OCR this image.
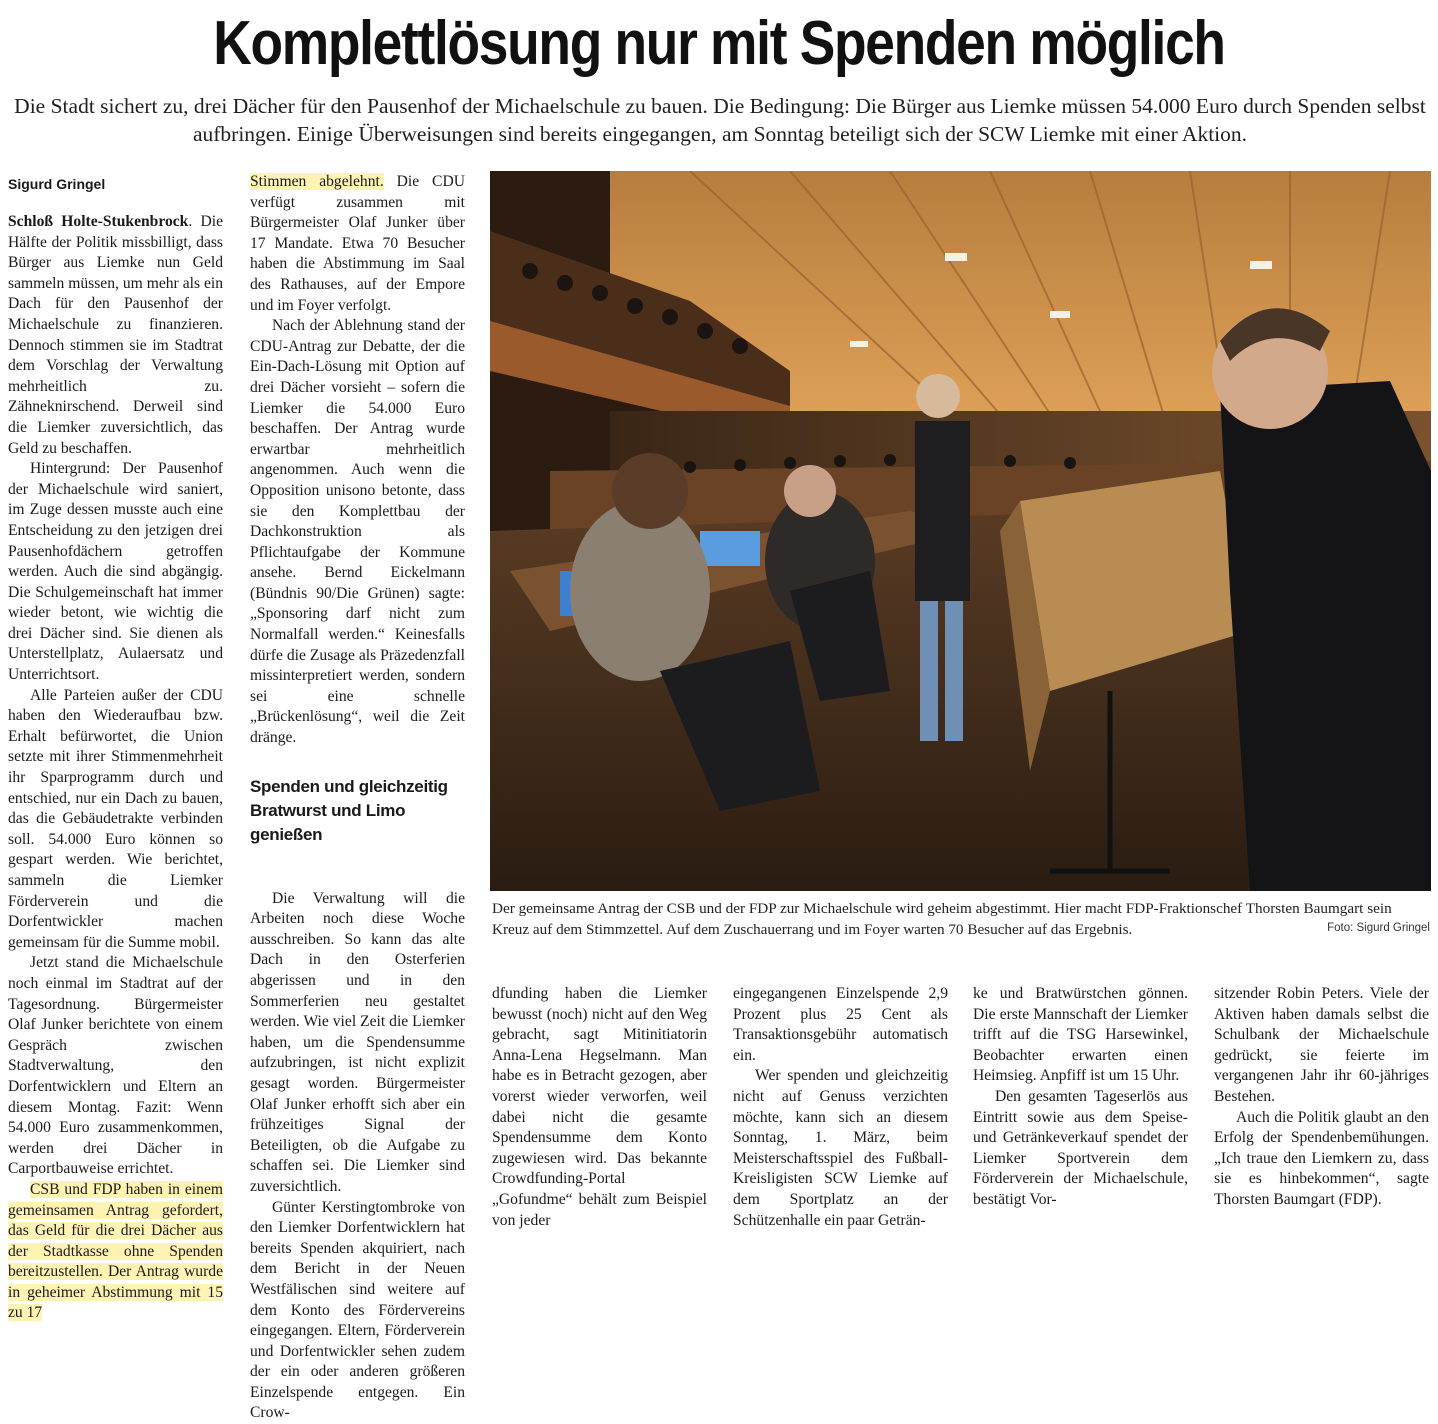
Komplettlösung nur mit Spenden möglich
Die Stadt sichert zu, drei Dächer für den Pausenhof der Michaelschule zu bauen. Die Bedingung: Die Bürger aus Liemke müssen 54.000 Euro durch Spenden selbst aufbringen. Einige Überweisungen sind bereits eingegangen, am Sonntag beteiligt sich der SCW Liemke mit einer Aktion.
Sigurd Gringel

Schloß Holte-Stukenbrock. Die Hälfte der Politik missbilligt, dass Bürger aus Liemke nun Geld sammeln müssen, um mehr als ein Dach für den Pausenhof der Michaelschule zu finanzieren. Dennoch stimmen sie im Stadtrat dem Vorschlag der Verwaltung mehrheitlich zu. Zähneknirschend. Derweil sind die Liemker zuversichtlich, das Geld zu beschaffen.

Hintergrund: Der Pausenhof der Michaelschule wird saniert, im Zuge dessen musste auch eine Entscheidung zu den jetzigen drei Pausenhofdächern getroffen werden. Auch die sind abgängig. Die Schulgemeinschaft hat immer wieder betont, wie wichtig die drei Dächer sind. Sie dienen als Unterstellplatz, Aulaersatz und Unterrichtsort.

Alle Parteien außer der CDU haben den Wiederaufbau bzw. Erhalt befürwortet, die Union setzte mit ihrer Stimmenmehrheit ihr Sparprogramm durch und entschied, nur ein Dach zu bauen, das die Gebäudetrakte verbinden soll. 54.000 Euro können so gespart werden. Wie berichtet, sammeln die Liemker Förderverein und die Dorfentwickler machen gemeinsam für die Summe mobil.

Jetzt stand die Michaelschule noch einmal im Stadtrat auf der Tagesordnung. Bürgermeister Olaf Junker berichtete von einem Gespräch zwischen Stadtverwaltung, den Dorfentwicklern und Eltern an diesem Montag. Fazit: Wenn 54.000 Euro zusammenkommen, werden drei Dächer in Carportbauweise errichtet.

CSB und FDP haben in einem gemeinsamen Antrag gefordert, das Geld für die drei Dächer aus der Stadtkasse ohne Spenden bereitzustellen. Der Antrag wurde in geheimer Abstimmung mit 15 zu 17

Stimmen abgelehnt. Die CDU verfügt zusammen mit Bürgermeister Olaf Junker über 17 Mandate. Etwa 70 Besucher haben die Abstimmung im Saal des Rathauses, auf der Empore und im Foyer verfolgt.

Nach der Ablehnung stand der CDU-Antrag zur Debatte, der die Ein-Dach-Lösung mit Option auf drei Dächer vorsieht – sofern die Liemker die 54.000 Euro beschaffen. Der Antrag wurde erwartbar mehrheitlich angenommen. Auch wenn die Opposition unisono betonte, dass sie den Komplettbau der Dachkonstruktion als Pflichtaufgabe der Kommune ansehe. Bernd Eickelmann (Bündnis 90/Die Grünen) sagte: „Sponsoring darf nicht zum Normalfall werden.“ Keinesfalls dürfe die Zusage als Präzedenzfall missinterpretiert werden, sondern sei eine schnelle „Brückenlösung“, weil die Zeit dränge.

Spenden und gleichzeitig Bratwurst und Limo genießen

Die Verwaltung will die Arbeiten noch diese Woche ausschreiben. So kann das alte Dach in den Osterferien abgerissen und in den Sommerferien neu gestaltet werden. Wie viel Zeit die Liemker haben, um die Spendensumme aufzubringen, ist nicht explizit gesagt worden. Bürgermeister Olaf Junker erhofft sich aber ein frühzeitiges Signal der Beteiligten, ob die Aufgabe zu schaffen sei. Die Liemker sind zuversichtlich.

Günter Kerstingtombroke von den Liemker Dorfentwicklern hat bereits Spenden akquiriert, nach dem Bericht in der Neuen Westfälischen sind weitere auf dem Konto des Fördervereins eingegangen. Eltern, Förderverein und Dorfentwickler sehen zudem der ein oder anderen größeren Einzelspende entgegen. Ein Crow-

Der gemeinsame Antrag der CSB und der FDP zur Michaelschule wird geheim abgestimmt. Hier macht FDP-Fraktionschef Thorsten Baumgart sein Kreuz auf dem Stimmzettel. Auf dem Zuschauerrang und im Foyer warten 70 Besucher auf das Ergebnis.	Foto: Sigurd Gringel

dfunding haben die Liemker bewusst (noch) nicht auf den Weg gebracht, sagt Mitinitiatorin Anna-Lena Hegselmann. Man habe es in Betracht gezogen, aber vorerst wieder verworfen, weil dabei nicht die gesamte Spendensumme dem Konto zugewiesen wird. Das bekannte Crowdfunding-Portal „Gofundme“ behält zum Beispiel von jeder

eingegangenen Einzelspende 2,9 Prozent plus 25 Cent als Transaktionsgebühr automatisch ein.

Wer spenden und gleichzeitig nicht auf Genuss verzichten möchte, kann sich an diesem Sonntag, 1. März, beim Meisterschaftsspiel des Fußball-Kreisligisten SCW Liemke auf dem Sportplatz an der Schützenhalle ein paar Geträn-

ke und Bratwürstchen gönnen. Die erste Mannschaft der Liemker trifft auf die TSG Harsewinkel, Beobachter erwarten einen Heimsieg. Anpfiff ist um 15 Uhr.

Den gesamten Tageserlös aus Eintritt sowie aus dem Speise- und Getränkeverkauf spendet der Liemker Sportverein dem Förderverein der Michaelschule, bestätigt Vor-

sitzender Robin Peters. Viele der Aktiven haben damals selbst die Schulbank der Michaelschule gedrückt, sie feierte im vergangenen Jahr ihr 60-jähriges Bestehen.

Auch die Politik glaubt an den Erfolg der Spendenbemühungen. „Ich traue den Liemkern zu, dass sie es hinbekommen“, sagte Thorsten Baumgart (FDP).
